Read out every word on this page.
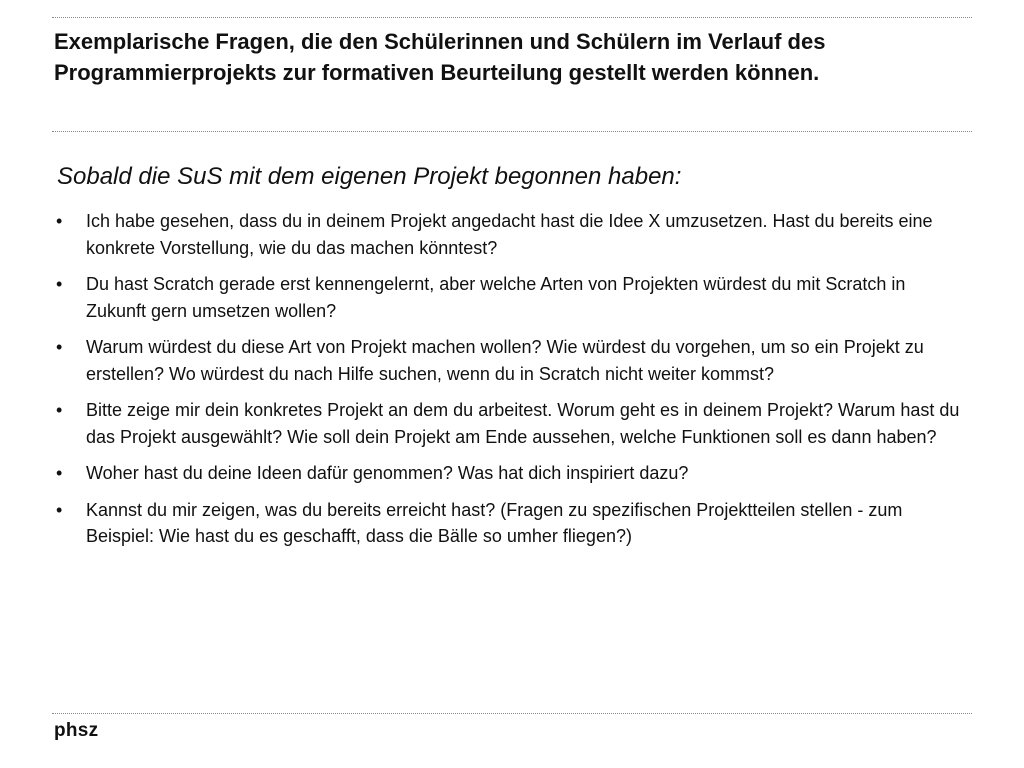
Exemplarische Fragen, die den Schülerinnen und Schülern im Verlauf des Programmierprojekts zur formativen Beurteilung gestellt werden können.
Sobald die SuS mit dem eigenen Projekt begonnen haben:
•	Ich habe gesehen, dass du in deinem Projekt angedacht hast die Idee X umzusetzen. Hast du bereits eine konkrete Vorstellung, wie du das machen könntest?
•	Du hast Scratch gerade erst kennengelernt, aber welche Arten von Projekten würdest du mit Scratch in Zukunft gern umsetzen wollen?
•	Warum würdest du diese Art von Projekt machen wollen? Wie würdest du vorgehen, um so ein Projekt zu erstellen? Wo würdest du nach Hilfe suchen, wenn du in Scratch nicht weiter kommst?
•	Bitte zeige mir dein konkretes Projekt an dem du arbeitest. Worum geht es in deinem Projekt? Warum hast du das Projekt ausgewählt? Wie soll dein Projekt am Ende aussehen, welche Funktionen soll es dann haben?
•	Woher hast du deine Ideen dafür genommen? Was hat dich inspiriert dazu?
•	Kannst du mir zeigen, was du bereits erreicht hast? (Fragen zu spezifischen Projektteilen stellen - zum Beispiel: Wie hast du es geschafft, dass die Bälle so umher fliegen?)
phsz
